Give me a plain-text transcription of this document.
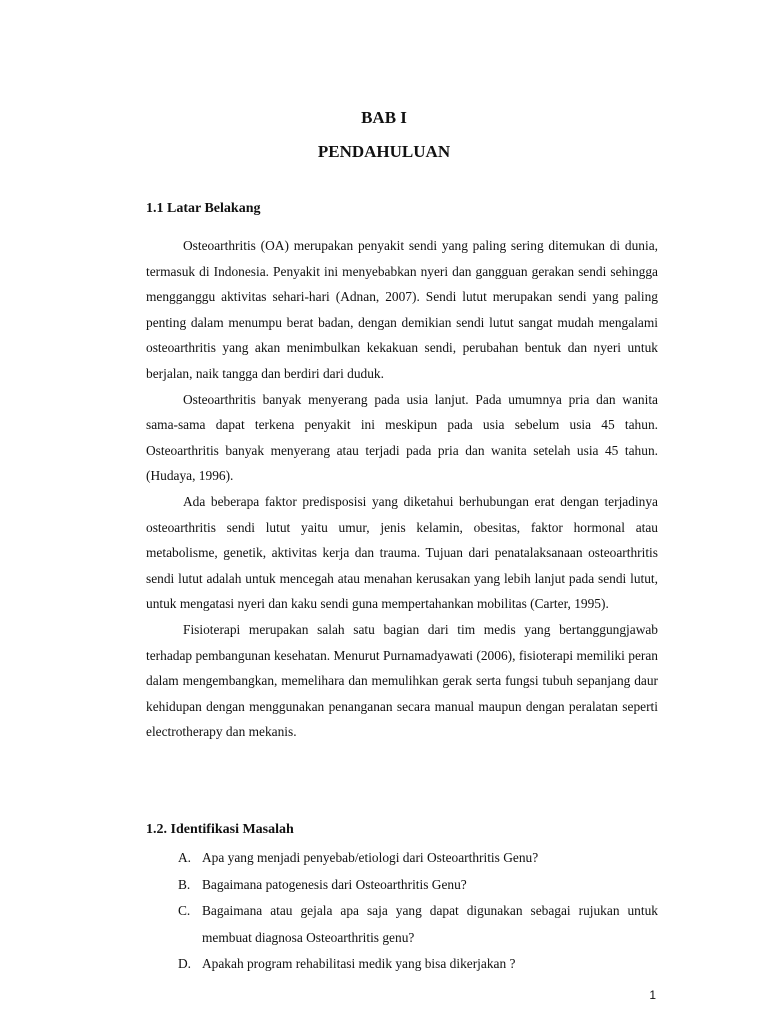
BAB I
PENDAHULUAN
1.1 Latar Belakang

Osteoarthritis (OA) merupakan penyakit sendi yang paling sering ditemukan di dunia, termasuk di Indonesia. Penyakit ini menyebabkan nyeri dan gangguan gerakan sendi sehingga mengganggu aktivitas sehari-hari (Adnan, 2007). Sendi lutut merupakan sendi yang paling penting dalam menumpu berat badan, dengan demikian sendi lutut sangat mudah mengalami osteoarthritis yang akan menimbulkan kekakuan sendi, perubahan bentuk dan nyeri untuk berjalan, naik tangga dan berdiri dari duduk.

Osteoarthritis banyak menyerang pada usia lanjut. Pada umumnya pria dan wanita sama-sama dapat terkena penyakit ini meskipun pada usia sebelum usia 45 tahun. Osteoarthritis banyak menyerang atau terjadi pada pria dan wanita setelah usia 45 tahun. (Hudaya, 1996).

Ada beberapa faktor predisposisi yang diketahui berhubungan erat dengan terjadinya osteoarthritis sendi lutut yaitu umur, jenis kelamin, obesitas, faktor hormonal atau metabolisme, genetik, aktivitas kerja dan trauma. Tujuan dari penatalaksanaan osteoarthritis sendi lutut adalah untuk mencegah atau menahan kerusakan yang lebih lanjut pada sendi lutut, untuk mengatasi nyeri dan kaku sendi guna mempertahankan mobilitas (Carter, 1995).

Fisioterapi merupakan salah satu bagian dari tim medis yang bertanggungjawab terhadap pembangunan kesehatan. Menurut Purnamadyawati (2006), fisioterapi memiliki peran dalam mengembangkan, memelihara dan memulihkan gerak serta fungsi tubuh sepanjang daur kehidupan dengan menggunakan penanganan secara manual maupun dengan peralatan seperti electrotherapy dan mekanis.

1.2. Identifikasi Masalah
A. Apa yang menjadi penyebab/etiologi dari Osteoarthritis Genu?
B. Bagaimana patogenesis dari Osteoarthritis Genu?
C. Bagaimana atau gejala apa saja yang dapat digunakan sebagai rujukan untuk membuat diagnosa Osteoarthritis genu?
D. Apakah program rehabilitasi medik yang bisa dikerjakan ?
1
